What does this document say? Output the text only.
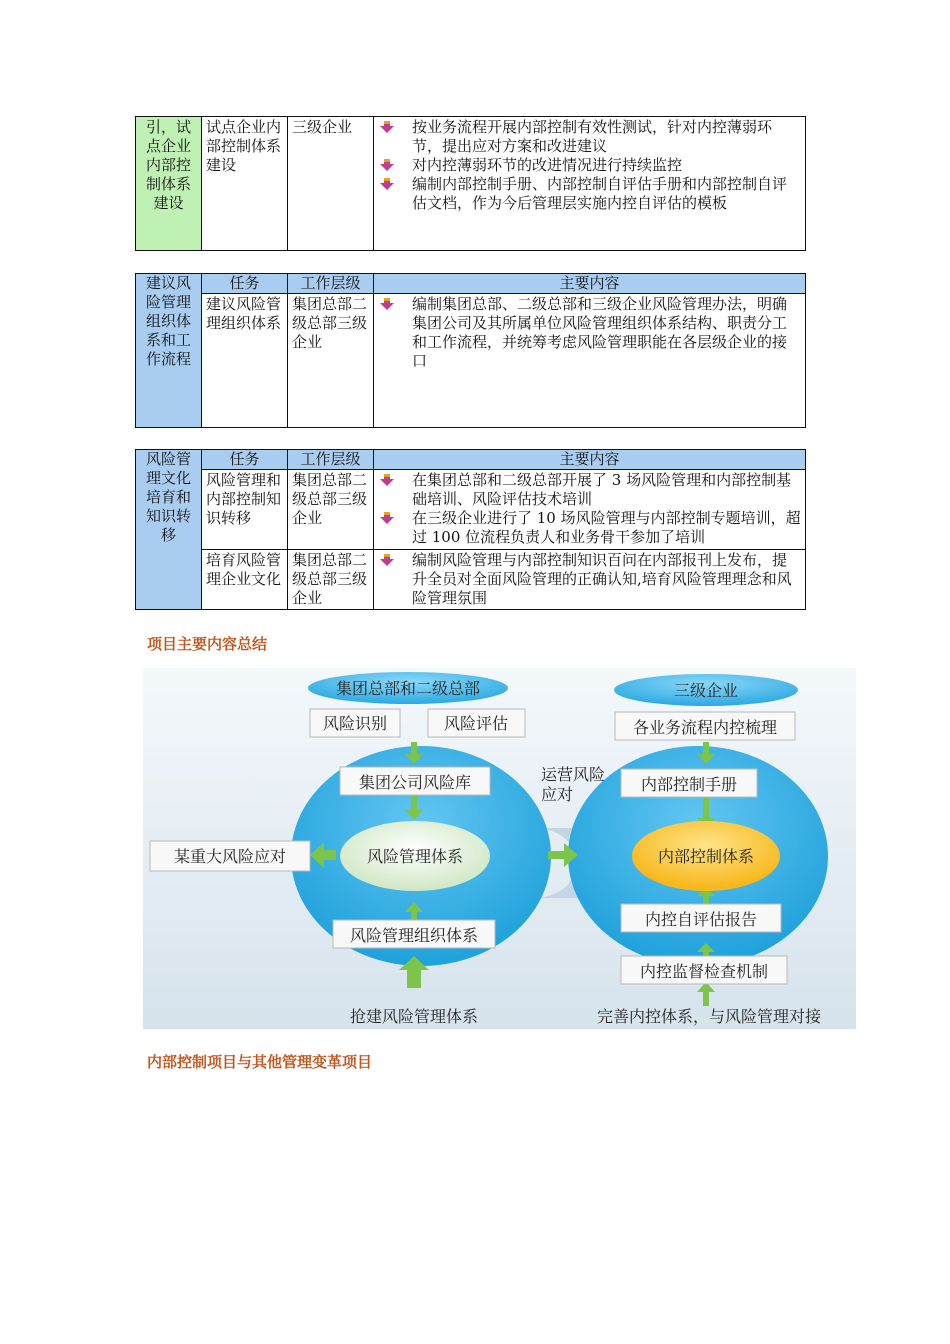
引，试点企业内部控制体系建设	试点企业内部控制体系建设	三级企业	按业务流程开展内部控制有效性测试，针对内控薄弱环节，提出应对方案和改进建议
对内控薄弱环节的改进情况进行持续监控
编制内部控制手册、内部控制自评估手册和内部控制自评估文档，作为今后管理层实施内控自评估的模板
建议风险管理组织体系和工作流程	任务	工作层级	主要内容
	建议风险管理组织体系	集团总部二级总部三级企业	编制集团总部、二级总部和三级企业风险管理办法，明确集团公司及其所属单位风险管理组织体系结构、职责分工和工作流程，并统筹考虑风险管理职能在各层级企业的接口
风险管理文化培育和知识转移	任务	工作层级	主要内容
	风险管理和内部控制知识转移	集团总部二级总部三级企业	在集团总部和二级总部开展了 3 场风险管理和内部控制基础培训、风险评估技术培训
在三级企业进行了 10 场风险管理与内部控制专题培训，超过 100 位流程负责人和业务骨干参加了培训

	培育风险管理企业文化	集团总部二级总部三级企业	编制风险管理与内部控制知识百问在内部报刊上发布，提升全员对全面风险管理的正确认知,培育风险管理理念和风险管理氛围
项目主要内容总结
集团总部和二级总部	三级企业
风险识别	风险评估
集团公司风险库
风险管理体系
某重大风险应对
风险管理组织体系
抢建风险管理体系
运营风险应对
各业务流程内控梳理
内部控制手册
内部控制体系
内控自评估报告
内控监督检查机制
完善内控体系，与风险管理对接
内部控制项目与其他管理变革项目
